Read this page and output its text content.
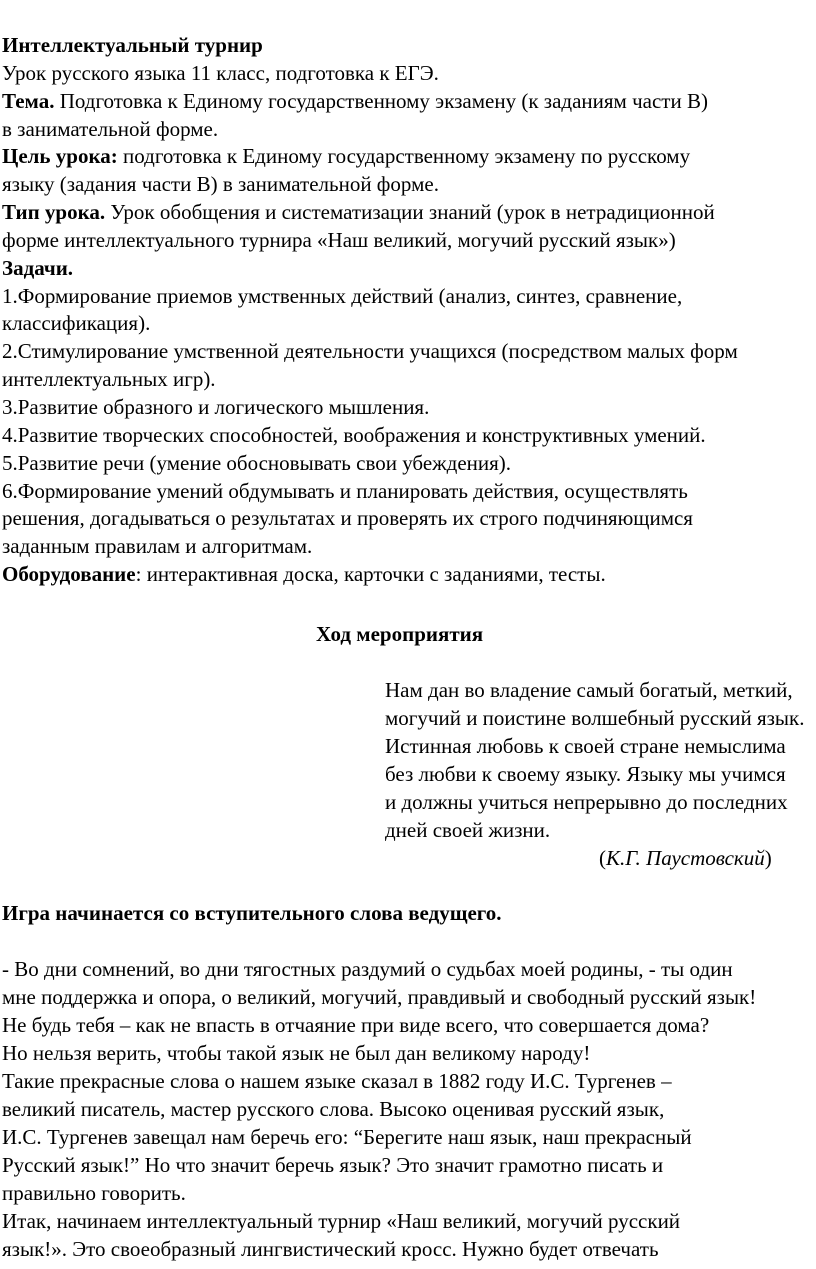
Интеллектуальный турнир
Урок русского языка 11 класс, подготовка к ЕГЭ.
Тема. Подготовка к Единому государственному экзамену (к заданиям части В)
в занимательной форме.
Цель урока: подготовка к Единому государственному экзамену по русскому
языку (задания части В) в занимательной форме.
Тип урока. Урок обобщения и систематизации знаний (урок в нетрадиционной
форме интеллектуального турнира «Наш великий, могучий русский язык»)
Задачи.
1.Формирование приемов умственных действий (анализ, синтез, сравнение,
классификация).
2.Стимулирование умственной деятельности учащихся (посредством малых форм
интеллектуальных игр).
3.Развитие образного и логического мышления.
4.Развитие творческих способностей, воображения и конструктивных умений.
5.Развитие речи (умение обосновывать свои убеждения).
6.Формирование умений обдумывать и планировать действия, осуществлять
решения, догадываться о результатах и проверять их строго подчиняющимся
заданным правилам и алгоритмам.
Оборудование: интерактивная доска, карточки с заданиями, тесты.
Ход мероприятия
Нам дан во владение самый богатый, меткий,
могучий и поистине волшебный русский язык.
Истинная любовь к своей стране немыслима
без любви к своему языку. Языку мы учимся
и должны учиться непрерывно до последних
дней своей жизни.
(К.Г. Паустовский)
Игра начинается со вступительного слова ведущего.
- Во дни сомнений, во дни тягостных раздумий о судьбах моей родины, - ты один
мне поддержка и опора, о великий, могучий, правдивый и свободный русский язык!
Не будь тебя – как не впасть в отчаяние при виде всего, что совершается дома?
Но нельзя верить, чтобы такой язык не был дан великому народу!
Такие прекрасные слова о нашем языке сказал в 1882 году И.С. Тургенев –
великий писатель, мастер русского слова. Высоко оценивая русский язык,
И.С. Тургенев завещал нам беречь его: “Берегите наш язык, наш прекрасный
Русский язык!” Но что значит беречь язык? Это значит грамотно писать и
правильно говорить.
Итак, начинаем интеллектуальный турнир «Наш великий, могучий русский
язык!». Это своеобразный лингвистический кросс. Нужно будет отвечать
